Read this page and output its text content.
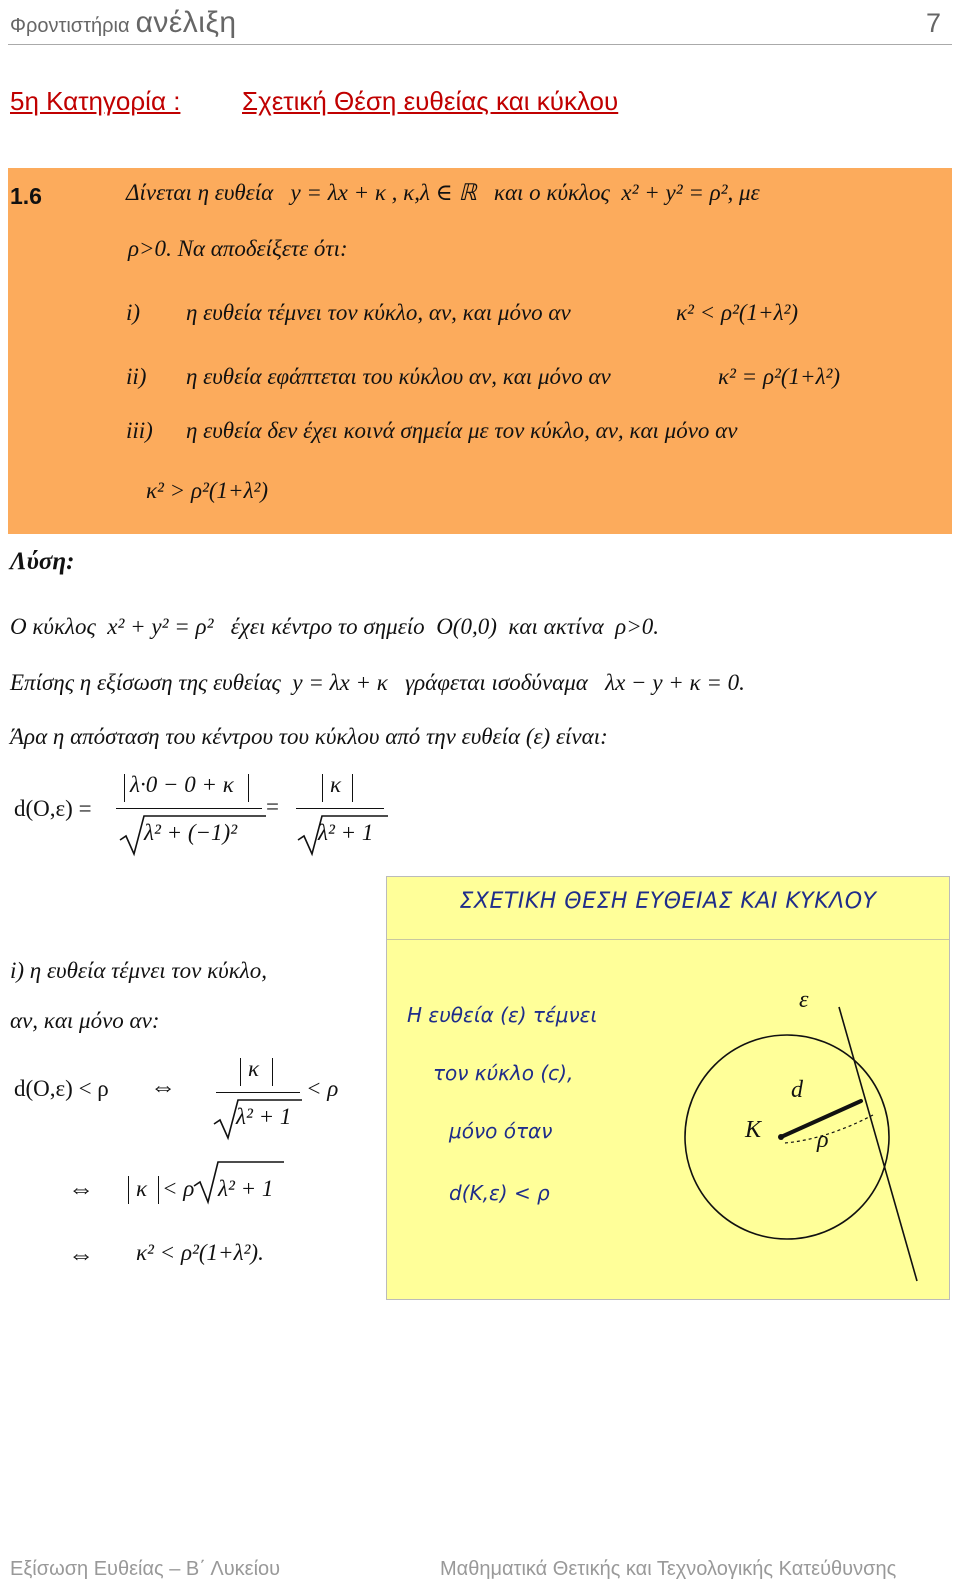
Φροντιστήρια ανέλιξη	7
5η Κατηγορία : Σχετική Θέση ευθείας και κύκλου
1.6	Δίνεται η ευθεία y = λx + κ , κ,λ ∈ ℝ και ο κύκλος x² + y² = ρ², με
ρ>0. Να αποδείξετε ότι:
i) η ευθεία τέμνει τον κύκλο, αν, και μόνο αν	κ² < ρ²(1+λ²)
ii) η ευθεία εφάπτεται του κύκλου αν, και μόνο αν	κ² = ρ²(1+λ²)
iii) η ευθεία δεν έχει κοινά σημεία με τον κύκλο, αν, και μόνο αν
κ² > ρ²(1+λ²)
Λύση:
Ο κύκλος x² + y² = ρ² έχει κέντρο το σημείο O(0,0) και ακτίνα ρ>0.
Επίσης η εξίσωση της ευθείας y = λx + κ γράφεται ισοδύναμα λx − y + κ = 0.
Άρα η απόσταση του κέντρου του κύκλου από την ευθεία (ε) είναι:
d(O,ε) =
λ·0 − 0 + κ
λ² + (−1)²
=
κ
λ² + 1
i) η ευθεία τέμνει τον κύκλο,
αν, και μόνο αν:
d(O,ε) < ρ ⇔
κ
λ² + 1
< ρ
⇔ κ < ρ λ² + 1
⇔ κ² < ρ²(1+λ²).
ΣΧΕΤΙΚΗ ΘΕΣΗ ΕΥΘΕΙΑΣ ΚΑΙ ΚΥΚΛΟΥ
Η ευθεία (ε) τέμνει
τον κύκλο (c),
μόνο όταν
d(K,ε) < ρ
ε
K
d
ρ
Εξίσωση Ευθείας – Β΄ Λυκείου	Μαθηματικά Θετικής και Τεχνολογικής Κατεύθυνσης
